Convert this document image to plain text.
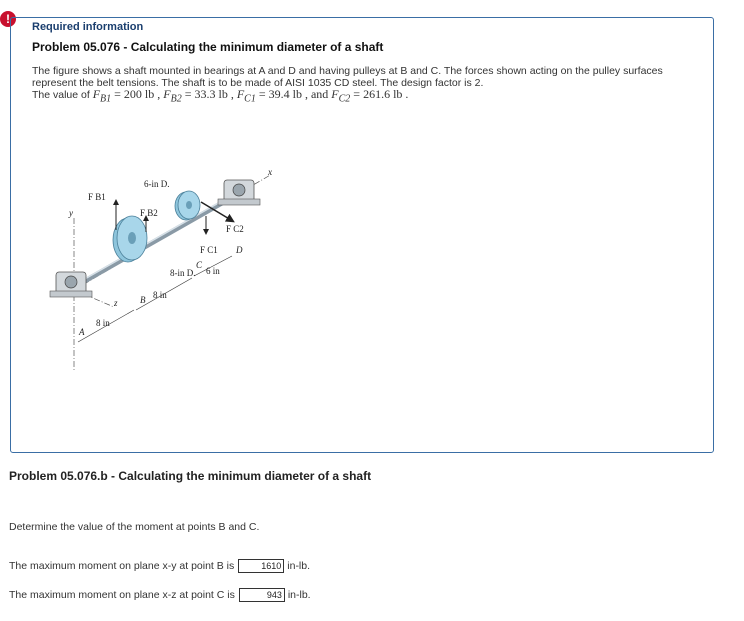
!
Required information
Problem 05.076 - Calculating the minimum diameter of a shaft
The figure shows a shaft mounted in bearings at A and D and having pulleys at B and C. The forces shown acting on the pulley surfaces represent the belt tensions. The shaft is to be made of AISI 1035 CD steel. The design factor is 2.
The value of $F_{B1} = 200$ lb , $F_{B2} = 33.3$ lb , $F_{C1} = 39.4$ lb , and $F_{C2} = 261.6$ lb .
y
x
z
F B1
F B2
F C2
F C1
6-in D.
8-in D.
A
B
C
D
8 in
8 in
6 in
Problem 05.076.b - Calculating the minimum diameter of a shaft
Determine the value of the moment at points B and C.
The maximum moment on plane x-y at point B is	1610 in-lb.
The maximum moment on plane x-z at point C is	943 in-lb.
